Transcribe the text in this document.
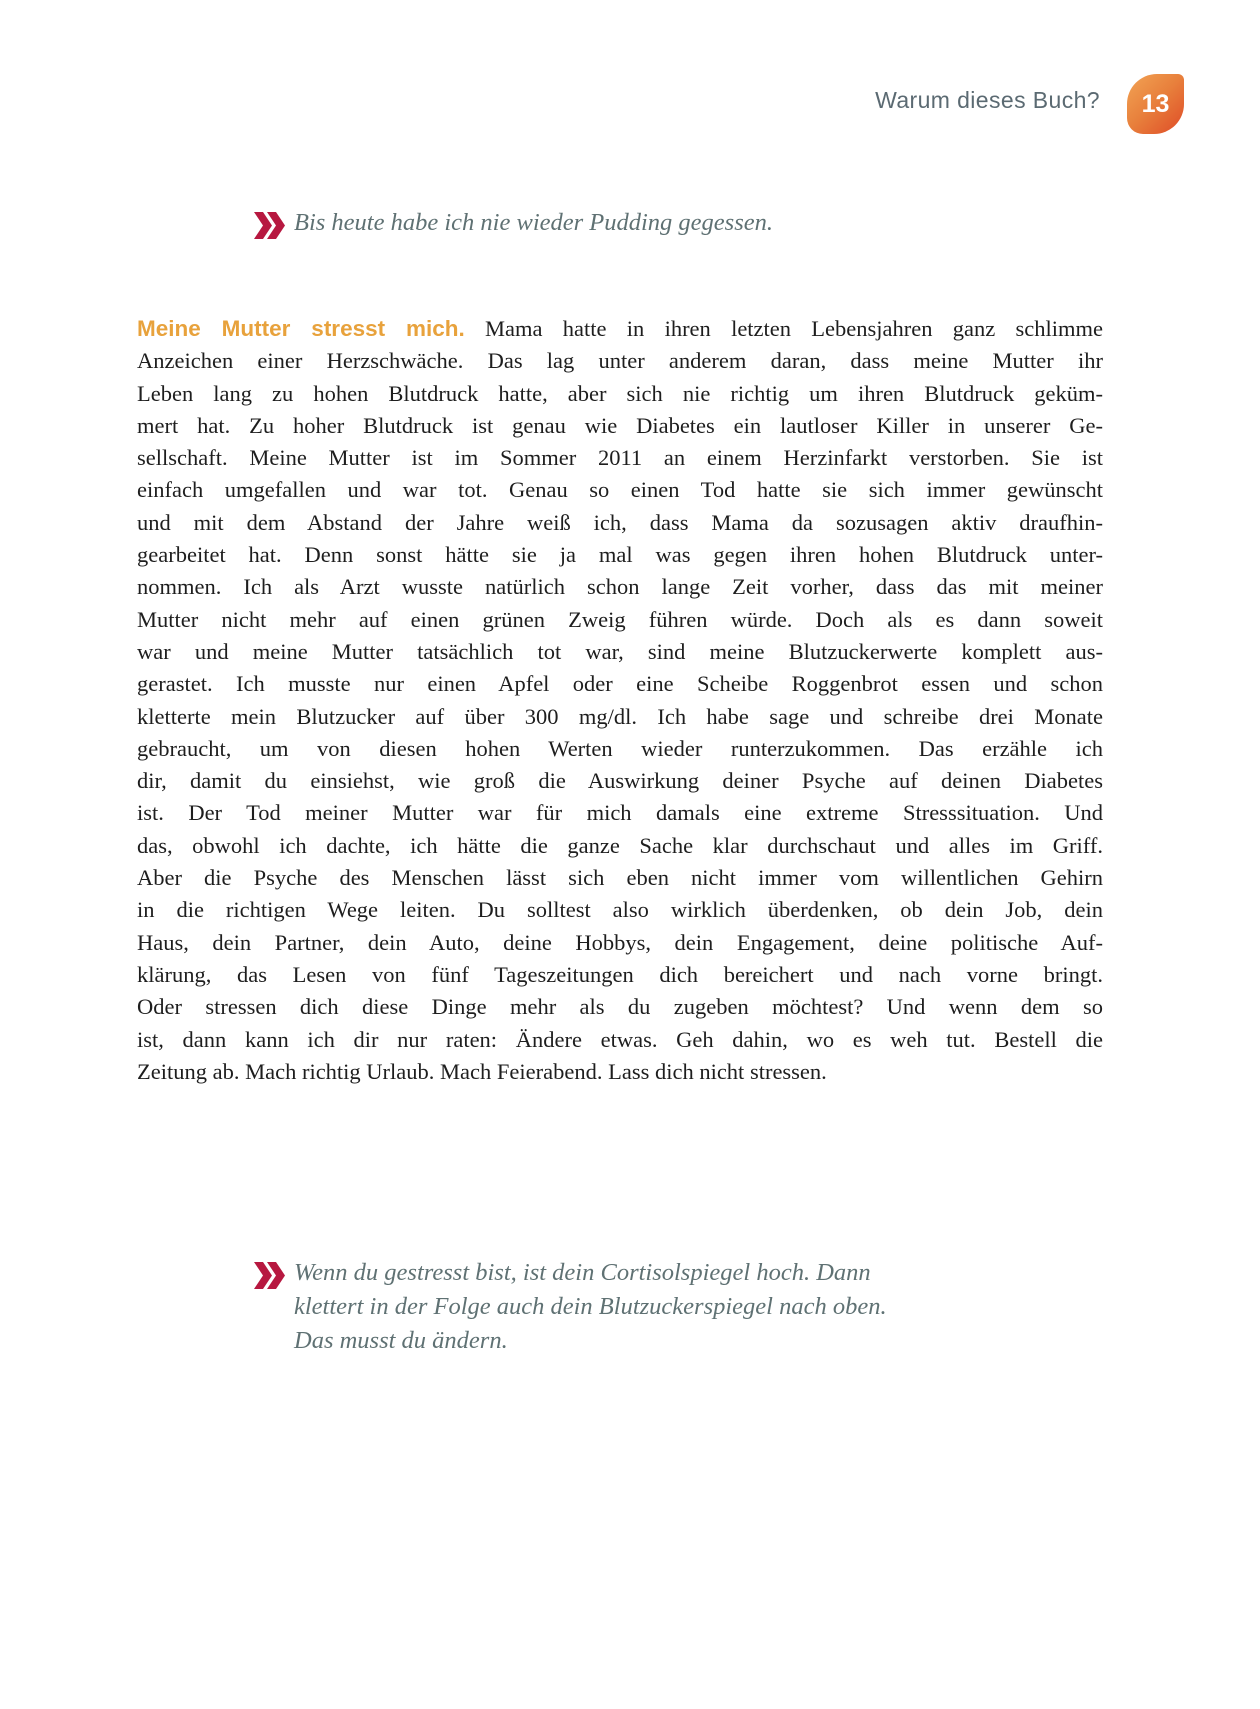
Warum dieses Buch? 13
Bis heute habe ich nie wieder Pudding gegessen.
Meine Mutter stresst mich. Mama hatte in ihren letzten Lebensjahren ganz schlimme
Anzeichen einer Herzschwäche. Das lag unter anderem daran, dass meine Mutter ihr
Leben lang zu hohen Blutdruck hatte, aber sich nie richtig um ihren Blutdruck geküm-
mert hat. Zu hoher Blutdruck ist genau wie Diabetes ein lautloser Killer in unserer Ge-
sellschaft. Meine Mutter ist im Sommer 2011 an einem Herzinfarkt verstorben. Sie ist
einfach umgefallen und war tot. Genau so einen Tod hatte sie sich immer gewünscht
und mit dem Abstand der Jahre weiß ich, dass Mama da sozusagen aktiv draufhin-
gearbeitet hat. Denn sonst hätte sie ja mal was gegen ihren hohen Blutdruck unter-
nommen. Ich als Arzt wusste natürlich schon lange Zeit vorher, dass das mit meiner
Mutter nicht mehr auf einen grünen Zweig führen würde. Doch als es dann soweit
war und meine Mutter tatsächlich tot war, sind meine Blutzuckerwerte komplett aus-
gerastet. Ich musste nur einen Apfel oder eine Scheibe Roggenbrot essen und schon
kletterte mein Blutzucker auf über 300 mg/dl. Ich habe sage und schreibe drei Monate
gebraucht, um von diesen hohen Werten wieder runterzukommen. Das erzähle ich
dir, damit du einsiehst, wie groß die Auswirkung deiner Psyche auf deinen Diabetes
ist. Der Tod meiner Mutter war für mich damals eine extreme Stresssituation. Und
das, obwohl ich dachte, ich hätte die ganze Sache klar durchschaut und alles im Griff.
Aber die Psyche des Menschen lässt sich eben nicht immer vom willentlichen Gehirn
in die richtigen Wege leiten. Du solltest also wirklich überdenken, ob dein Job, dein
Haus, dein Partner, dein Auto, deine Hobbys, dein Engagement, deine politische Auf-
klärung, das Lesen von fünf Tageszeitungen dich bereichert und nach vorne bringt.
Oder stressen dich diese Dinge mehr als du zugeben möchtest? Und wenn dem so
ist, dann kann ich dir nur raten: Ändere etwas. Geh dahin, wo es weh tut. Bestell die
Zeitung ab. Mach richtig Urlaub. Mach Feierabend. Lass dich nicht stressen.
Wenn du gestresst bist, ist dein Cortisolspiegel hoch. Dann
klettert in der Folge auch dein Blutzuckerspiegel nach oben.
Das musst du ändern.
